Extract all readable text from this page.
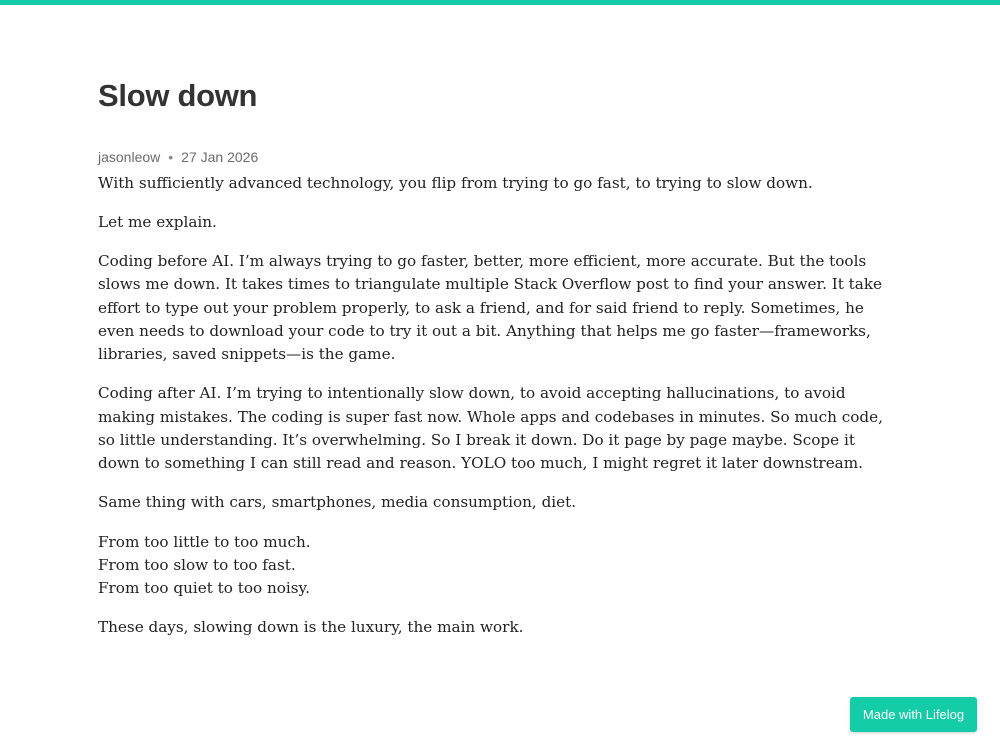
Slow down
jasonleow • 27 Jan 2026

With sufficiently advanced technology, you flip from trying to go fast, to trying to slow down.

Let me explain.

Coding before AI. I’m always trying to go faster, better, more efficient, more accurate. But the tools slows me down. It takes times to triangulate multiple Stack Overflow post to find your answer. It take effort to type out your problem properly, to ask a friend, and for said friend to reply. Sometimes, he even needs to download your code to try it out a bit. Anything that helps me go faster—frameworks, libraries, saved snippets—is the game.

Coding after AI. I’m trying to intentionally slow down, to avoid accepting hallucinations, to avoid making mistakes. The coding is super fast now. Whole apps and codebases in minutes. So much code, so little understanding. It’s overwhelming. So I break it down. Do it page by page maybe. Scope it down to something I can still read and reason. YOLO too much, I might regret it later downstream.

Same thing with cars, smartphones, media consumption, diet.

From too little to too much.
From too slow to too fast.
From too quiet to too noisy.

These days, slowing down is the luxury, the main work.

Made with Lifelog
